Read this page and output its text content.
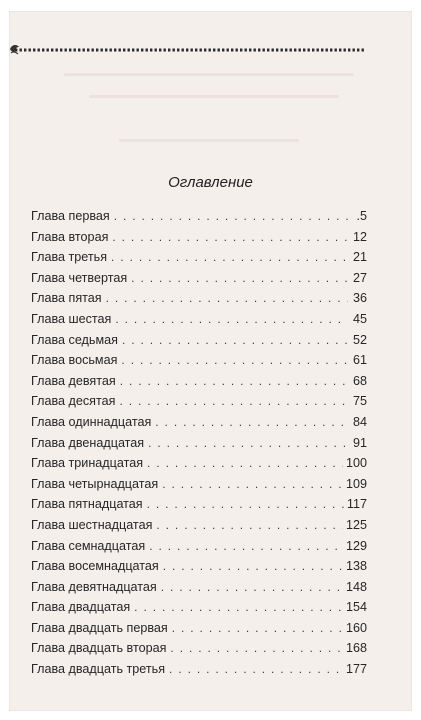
Оглавление
Глава первая . . .	.5
Глава вторая . . .	12
Глава третья . . .	21
Глава четвертая . . .	27
Глава пятая . . .	36
Глава шестая . . .	45
Глава седьмая . . .	52
Глава восьмая . . .	61
Глава девятая . . .	68
Глава десятая . . .	75
Глава одиннадцатая . . .	84
Глава двенадцатая . . .	91
Глава тринадцатая . . .	100
Глава четырнадцатая . . .	109
Глава пятнадцатая . . .	117
Глава шестнадцатая . . .	125
Глава семнадцатая . . .	129
Глава восемнадцатая . . .	138
Глава девятнадцатая . . .	148
Глава двадцатая . . .	154
Глава двадцать первая . . .	160
Глава двадцать вторая . . .	168
Глава двадцать третья . . .	177
